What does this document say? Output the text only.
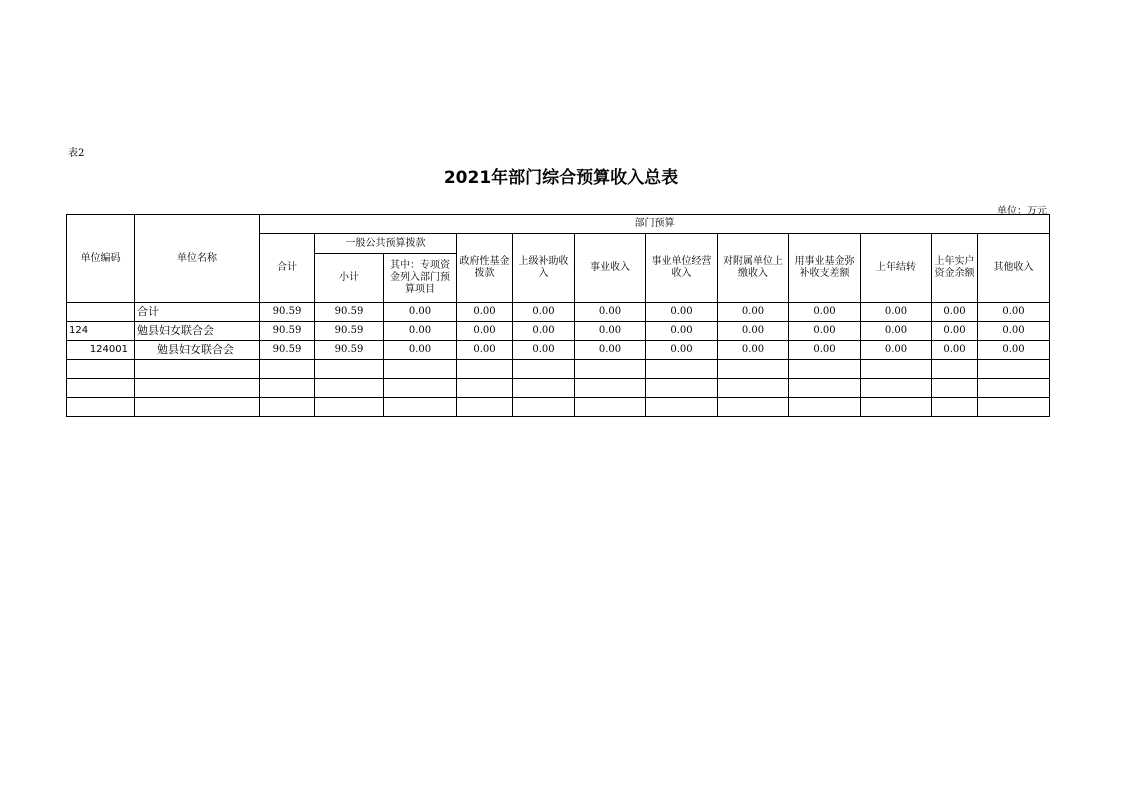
表2
2021年部门综合预算收入总表
单位：万元
单位编码	单位名称	部门预算											
		合计	一般公共预算拨款		政府性基金拨款	上级补助收入	事业收入	事业单位经营收入	对附属单位上缴收入	用事业基金弥补收支差额	上年结转	上年实户资金余额	其他收入
			小计	其中：专项资金列入部门预算项目									
	合计	90.59	90.59	0.00	0.00	0.00	0.00	0.00	0.00	0.00	0.00	0.00	0.00
124	勉县妇女联合会	90.59	90.59	0.00	0.00	0.00	0.00	0.00	0.00	0.00	0.00	0.00	0.00
124001	勉县妇女联合会	90.59	90.59	0.00	0.00	0.00	0.00	0.00	0.00	0.00	0.00	0.00	0.00
